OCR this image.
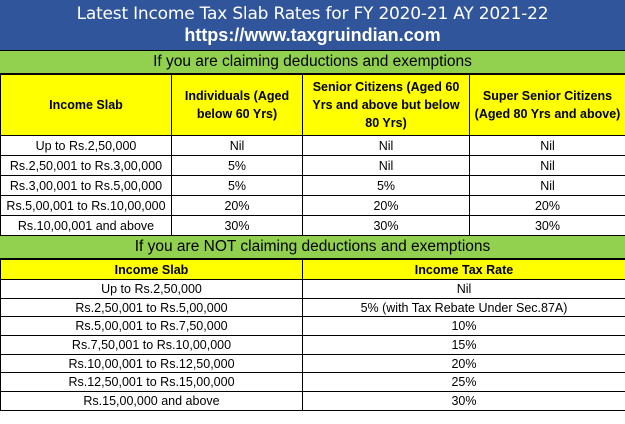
Latest Income Tax Slab Rates for FY 2020-21 AY 2021-22
https://www.taxgruindian.com
If you are claiming deductions and exemptions
Income Slab	Individuals (Aged below 60 Yrs)	Senior Citizens (Aged 60 Yrs and above but below 80 Yrs)	Super Senior Citizens (Aged 80 Yrs and above)
Up to Rs.2,50,000	Nil	Nil	Nil
Rs.2,50,001 to Rs.3,00,000	5%	Nil	Nil
Rs.3,00,001 to Rs.5,00,000	5%	5%	Nil
Rs.5,00,001 to Rs.10,00,000	20%	20%	20%
Rs.10,00,001 and above	30%	30%	30%
If you are NOT claiming deductions and exemptions
Income Slab	Income Tax Rate
Up to Rs.2,50,000	Nil
Rs.2,50,001 to Rs.5,00,000	5% (with Tax Rebate Under Sec.87A)
Rs.5,00,001 to Rs.7,50,000	10%
Rs.7,50,001 to Rs.10,00,000	15%
Rs.10,00,001 to Rs.12,50,000	20%
Rs.12,50,001 to Rs.15,00,000	25%
Rs.15,00,000 and above	30%
